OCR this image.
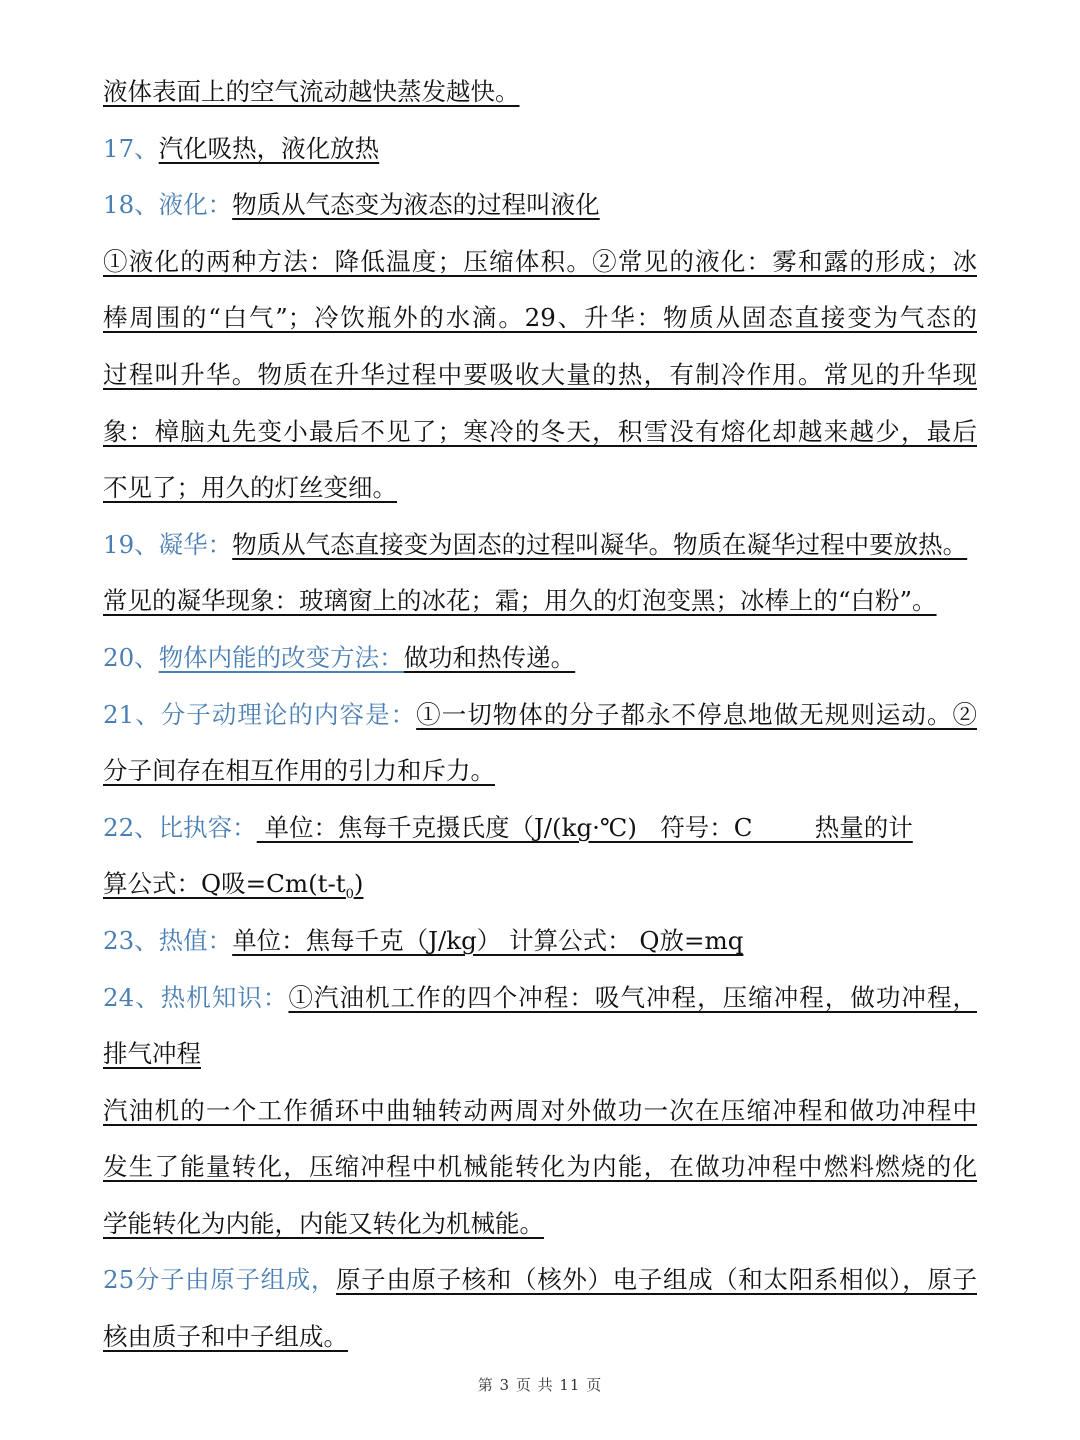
液体表面上的空气流动越快蒸发越快。
17、汽化吸热，液化放热
18、液化：物质从气态变为液态的过程叫液化
①液化的两种方法：降低温度；压缩体积。②常见的液化：雾和露的形成；冰
棒周围的“白气”；冷饮瓶外的水滴。29、升华：物质从固态直接变为气态的
过程叫升华。物质在升华过程中要吸收大量的热，有制冷作用。常见的升华现
象：樟脑丸先变小最后不见了；寒冷的冬天，积雪没有熔化却越来越少，最后
不见了；用久的灯丝变细。
19、凝华：物质从气态直接变为固态的过程叫凝华。物质在凝华过程中要放热。
常见的凝华现象：玻璃窗上的冰花；霜；用久的灯泡变黑；冰棒上的“白粉”。
20、物体内能的改变方法：做功和热传递。
21、分子动理论的内容是：①一切物体的分子都永不停息地做无规则运动。②
分子间存在相互作用的引力和斥力。
22、比执容： 单位：焦每千克摄氏度（J/(kg·℃)   符号：C        热量的计
算公式：Q吸$=Cm(t-t_0)$
23、热值：单位：焦每千克（J/kg） 计算公式： Q放=mq
24、热机知识：①汽油机工作的四个冲程：吸气冲程，压缩冲程，做功冲程，
排气冲程
汽油机的一个工作循环中曲轴转动两周对外做功一次在压缩冲程和做功冲程中
发生了能量转化，压缩冲程中机械能转化为内能，在做功冲程中燃料燃烧的化
学能转化为内能，内能又转化为机械能。
25分子由原子组成，原子由原子核和（核外）电子组成（和太阳系相似），原子
核由质子和中子组成。
第 3 页 共 11 页
